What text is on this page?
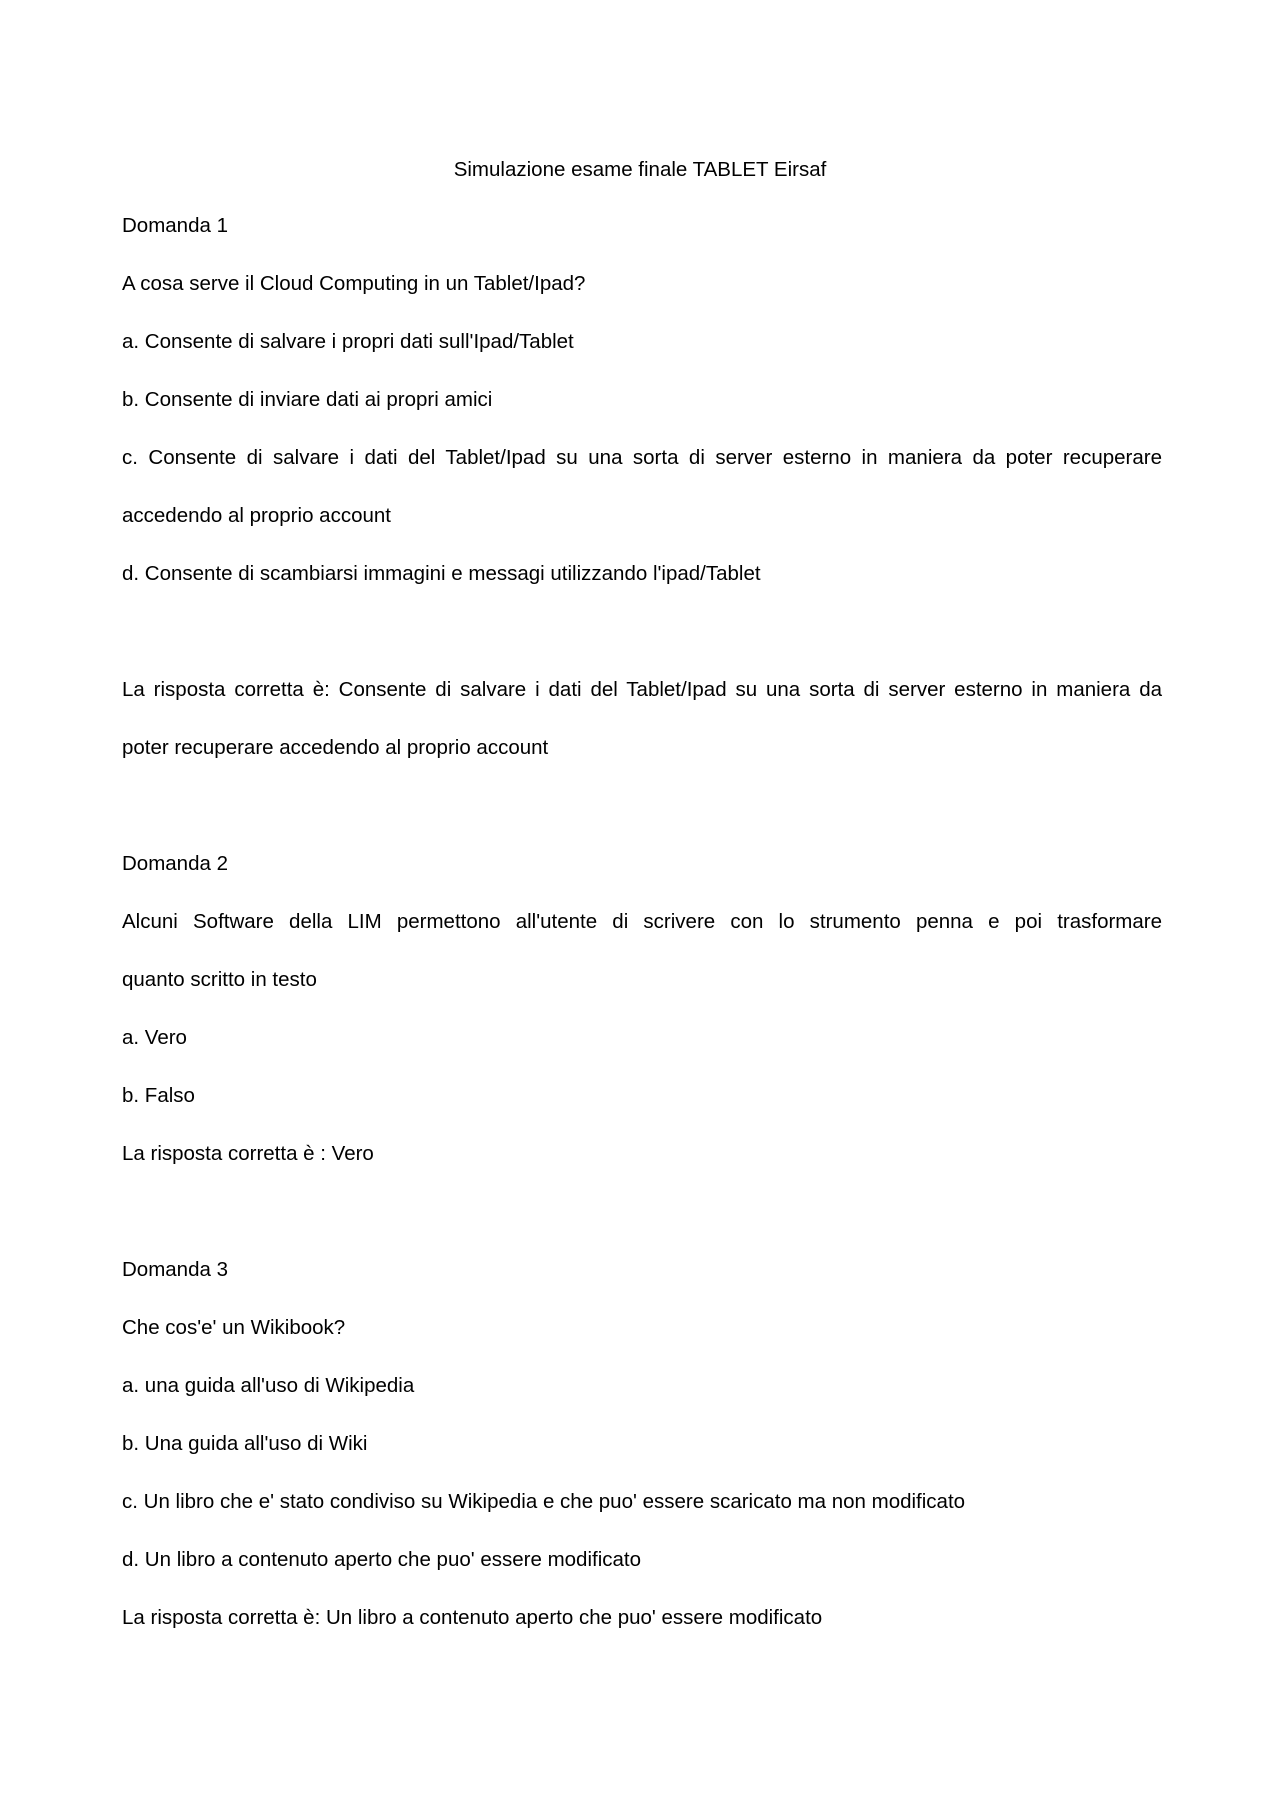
Simulazione esame finale TABLET Eirsaf
Domanda 1
A cosa serve il Cloud Computing in un Tablet/Ipad?
a. Consente di salvare i propri dati sull'Ipad/Tablet
b. Consente di inviare dati ai propri amici
c. Consente di salvare i dati del Tablet/Ipad su una sorta di server esterno in maniera da poter recuperare
accedendo al proprio account
d. Consente di scambiarsi immagini e messagi utilizzando l'ipad/Tablet
La risposta corretta è: Consente di salvare i dati del Tablet/Ipad su una sorta di server esterno in maniera da
poter recuperare accedendo al proprio account
Domanda 2
Alcuni Software della LIM permettono all'utente di scrivere con lo strumento penna e poi trasformare
quanto scritto in testo
a. Vero
b. Falso
La risposta corretta è : Vero
Domanda 3
Che cos'e' un Wikibook?
a. una guida all'uso di Wikipedia
b. Una guida all'uso di Wiki
c. Un libro che e' stato condiviso su Wikipedia e che puo' essere scaricato ma non modificato
d. Un libro a contenuto aperto che puo' essere modificato
La risposta corretta è: Un libro a contenuto aperto che puo' essere modificato
